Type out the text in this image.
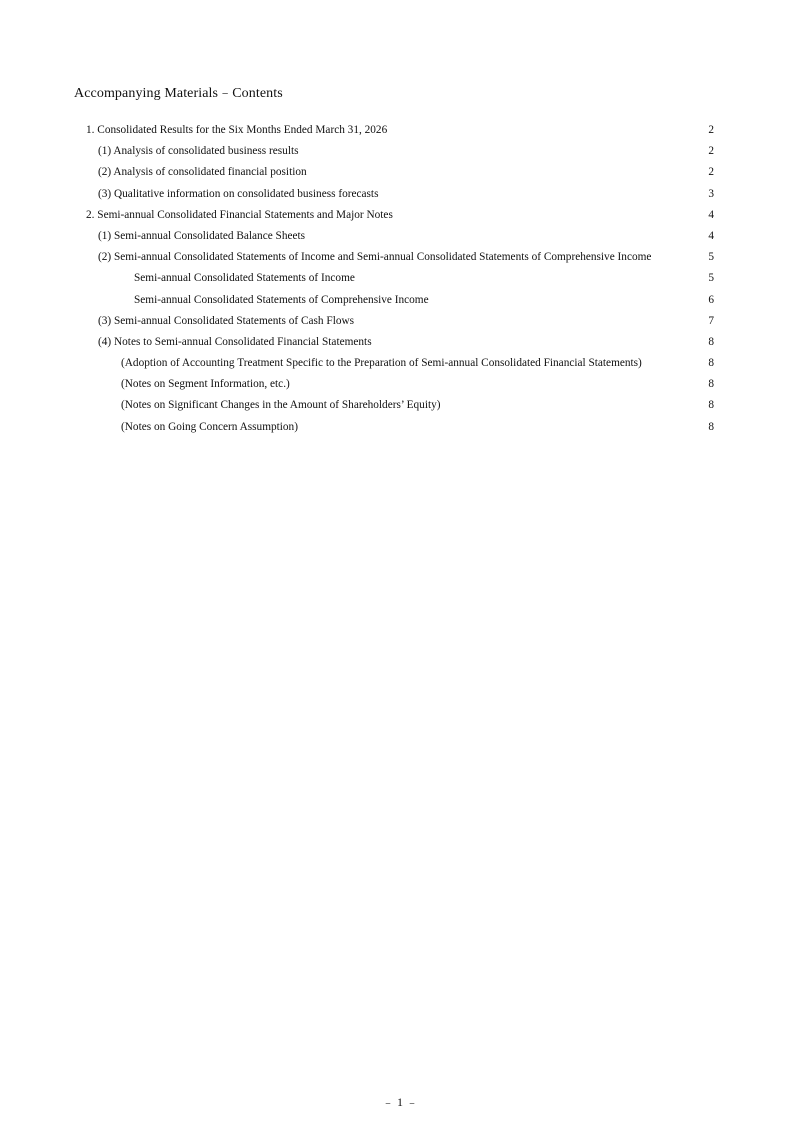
Accompanying Materials﹣Contents
1. Consolidated Results for the Six Months Ended March 31, 2026	2
(1) Analysis of consolidated business results	2
(2) Analysis of consolidated financial position	2
(3) Qualitative information on consolidated business forecasts	3
2. Semi-annual Consolidated Financial Statements and Major Notes	4
(1) Semi-annual Consolidated Balance Sheets	4
(2) Semi-annual Consolidated Statements of Income and Semi-annual Consolidated Statements of Comprehensive Income	5
Semi-annual Consolidated Statements of Income	5
Semi-annual Consolidated Statements of Comprehensive Income	6
(3) Semi-annual Consolidated Statements of Cash Flows	7
(4) Notes to Semi-annual Consolidated Financial Statements	8
(Adoption of Accounting Treatment Specific to the Preparation of Semi-annual Consolidated Financial Statements)	8
(Notes on Segment Information, etc.)	8
(Notes on Significant Changes in the Amount of Shareholders’ Equity)	8
(Notes on Going Concern Assumption)	8
﹣ 1 ﹣
